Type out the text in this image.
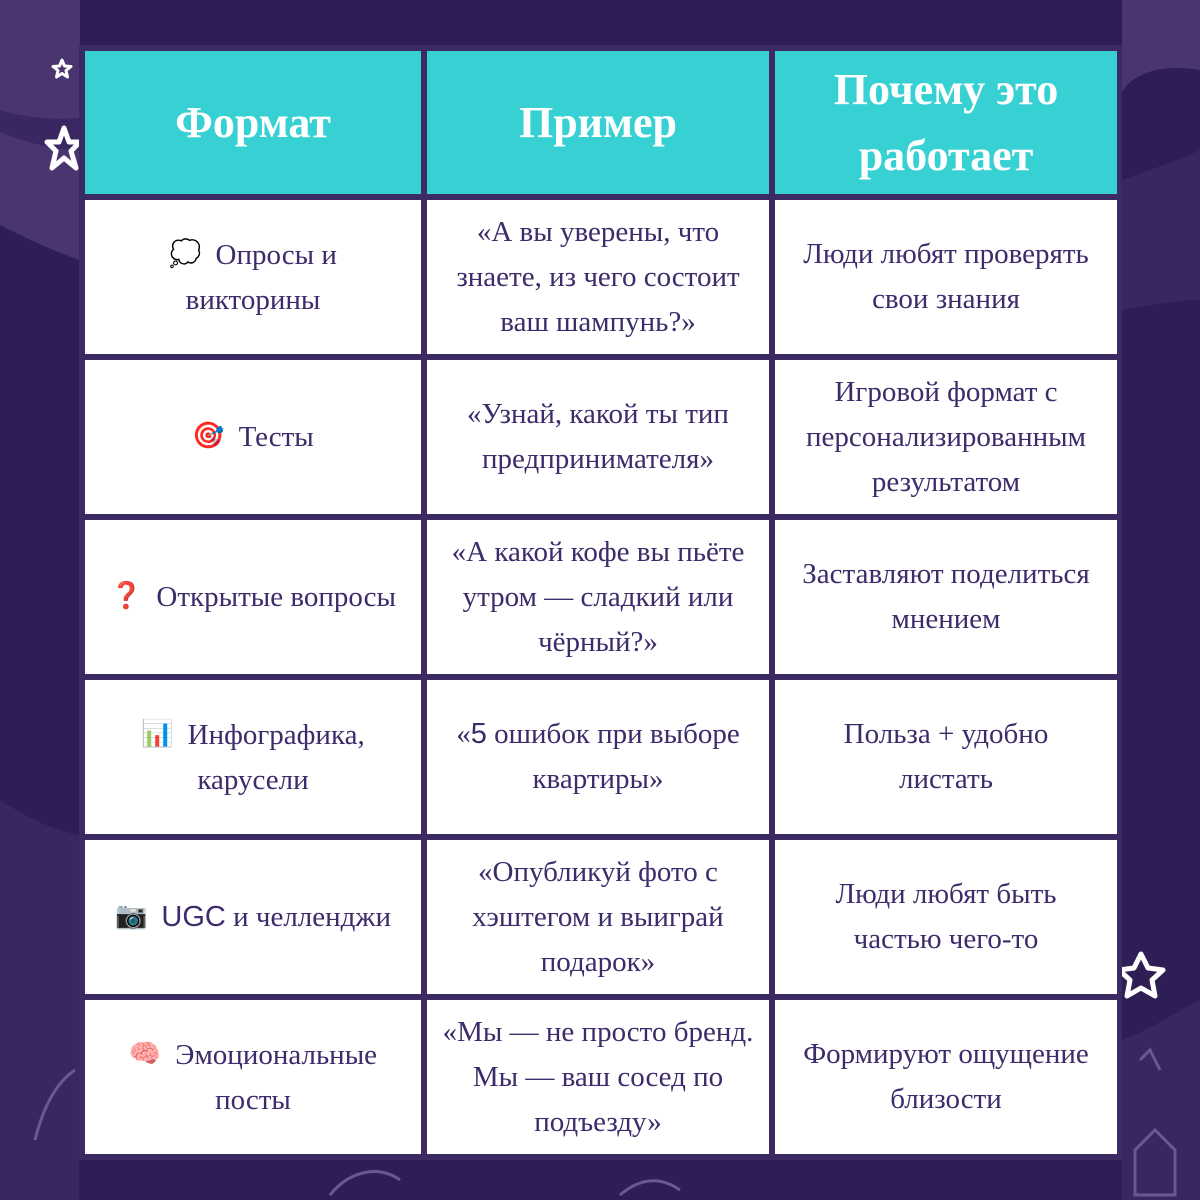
Формат	Пример
Почему это
работает
💭 Опросы и
викторины
«А вы уверены, что
знаете, из чего состоит
ваш шампунь?»
Люди любят проверять
свои знания
🎯 Тесты
«Узнай, какой ты тип
предпринимателя»
Игровой формат с
персонализированным
результатом
❓ Открытые вопросы
«А какой кофе вы пьёте
утром — сладкий или
чёрный?»
Заставляют поделиться
мнением
📊 Инфографика,
карусели
«5 ошибок при выборе
квартиры»
Польза + удобно
листать
📷 UGC и челленджи
«Опубликуй фото с
хэштегом и выиграй
подарок»
Люди любят быть
частью чего-то
🧠 Эмоциональные
посты
«Мы — не просто бренд.
Мы — ваш сосед по
подъезду»
Формируют ощущение
близости
